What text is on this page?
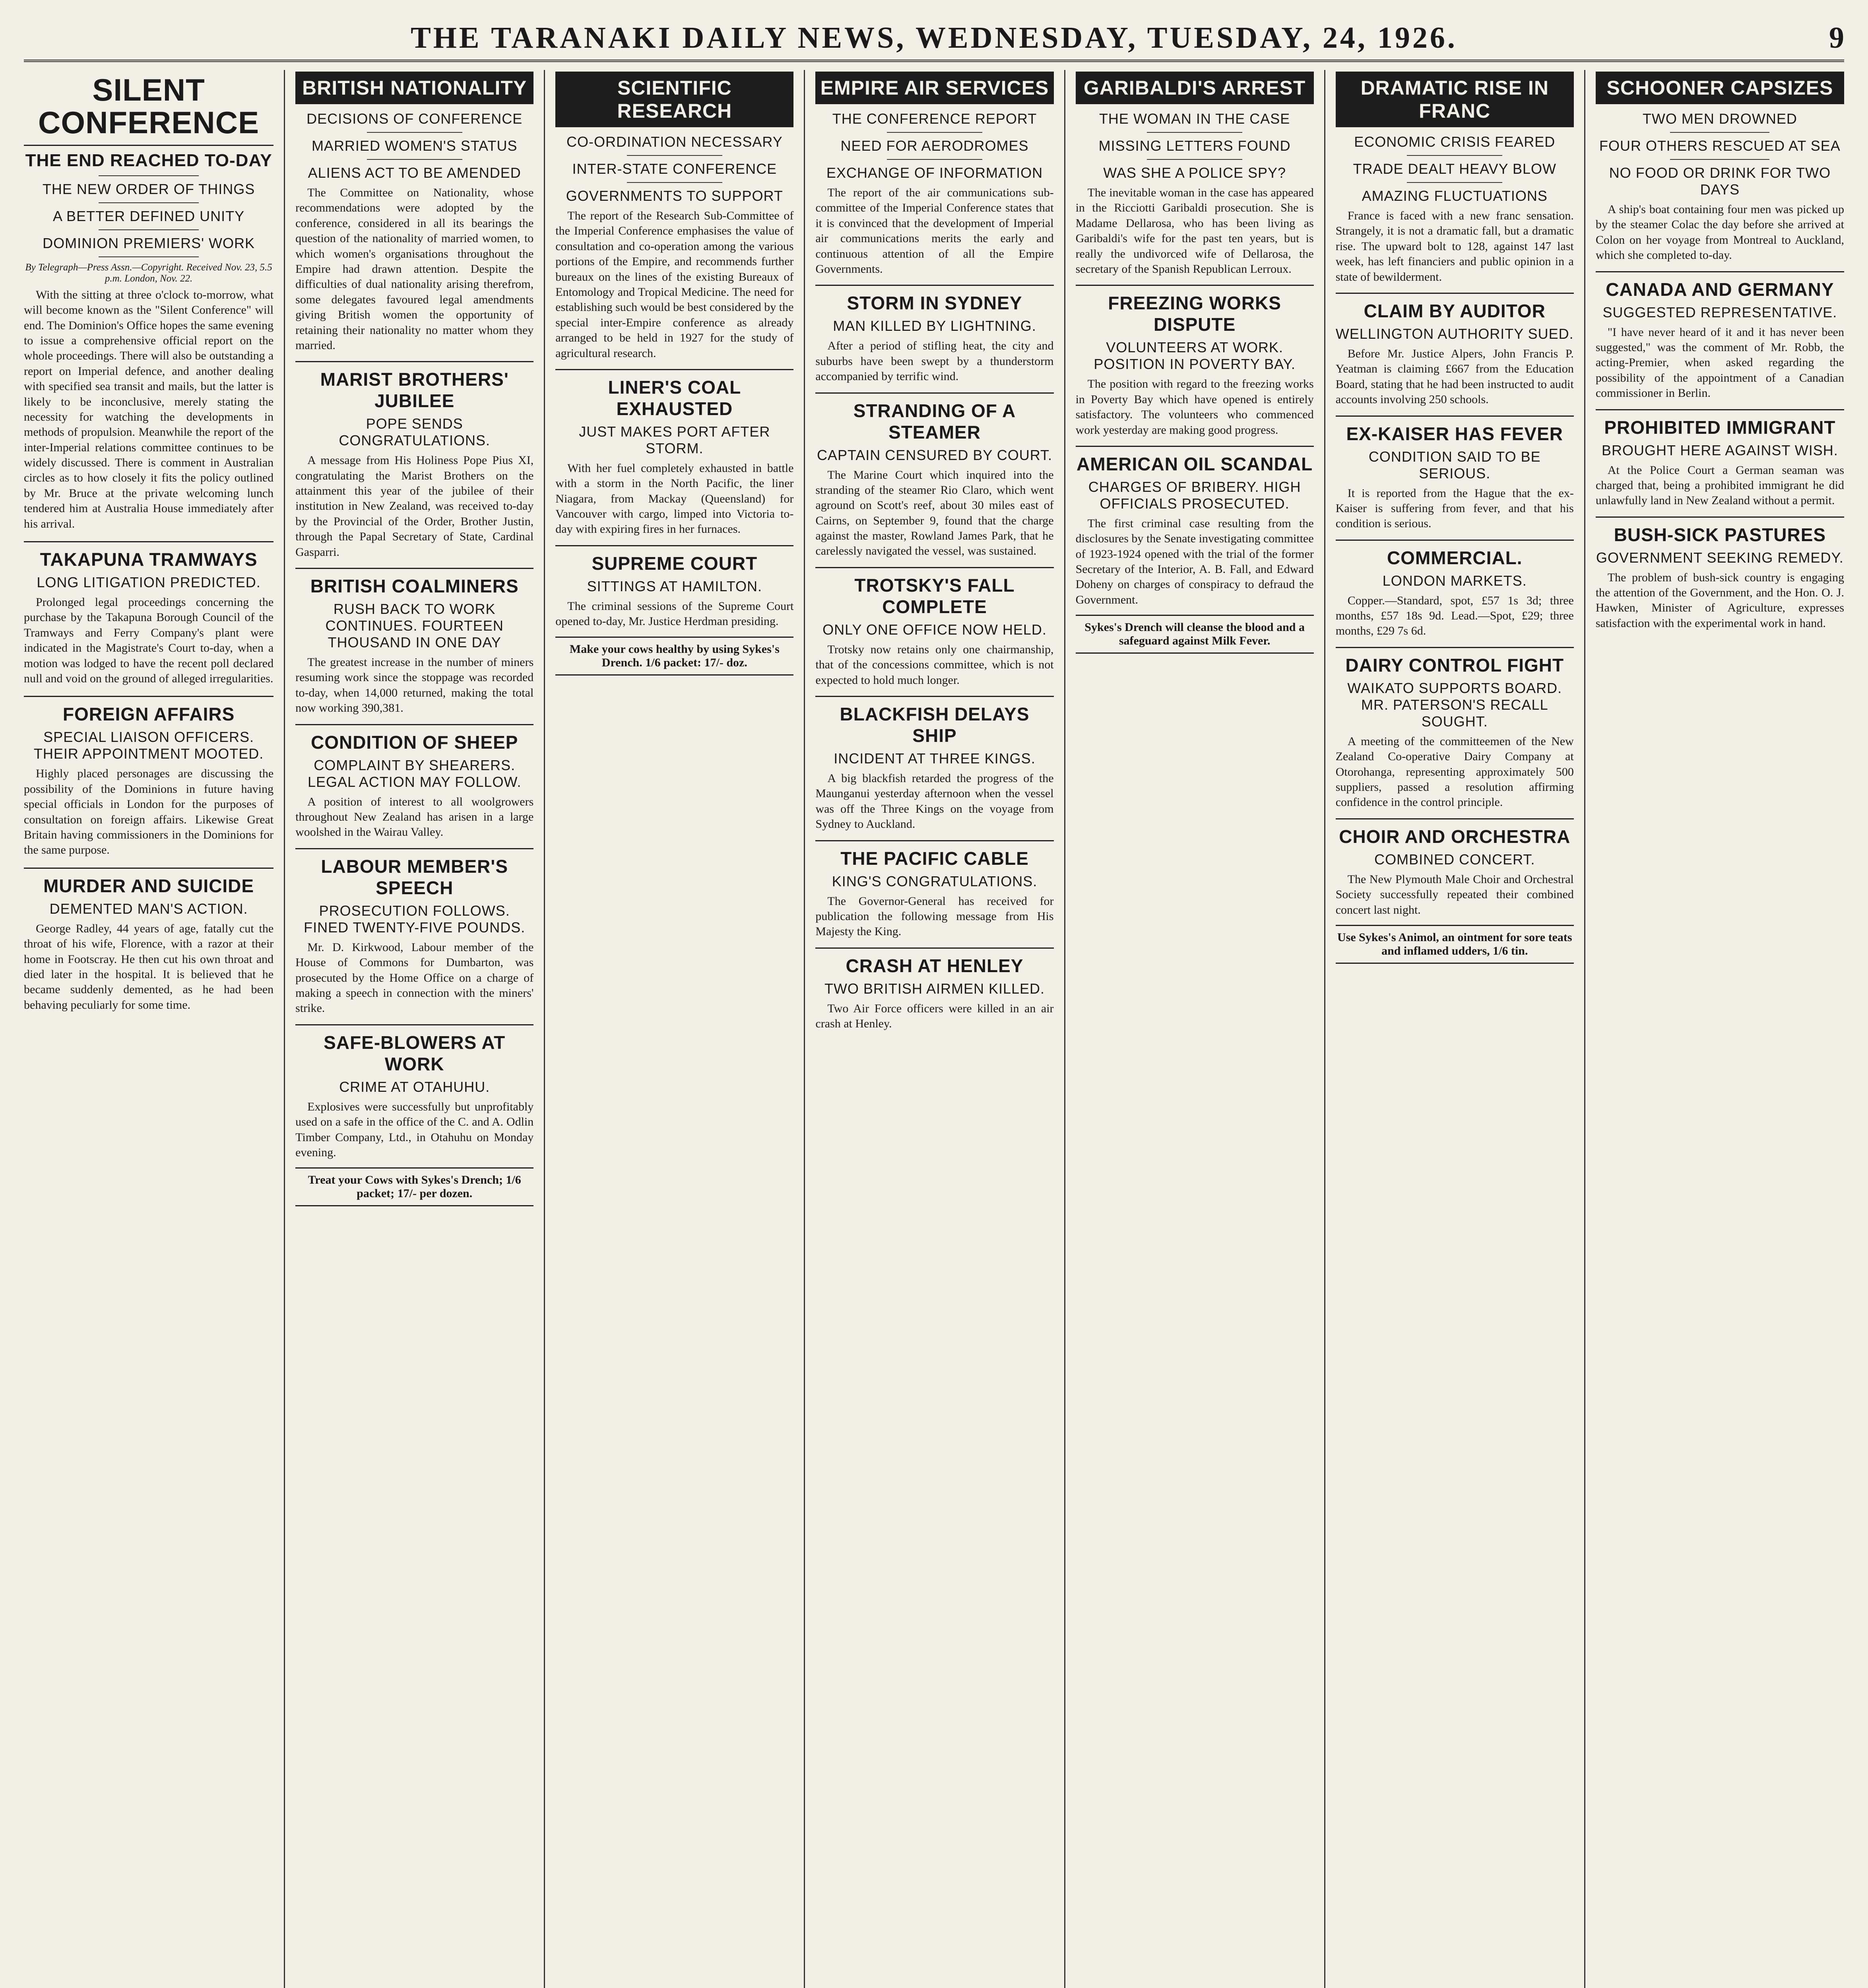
THE TARANAKI DAILY NEWS, WEDNESDAY, TUESDAY, 24, 1926.	9
SILENT CONFERENCE
THE END REACHED TO-DAY
THE NEW ORDER OF THINGS
A BETTER DEFINED UNITY
DOMINION PREMIERS' WORK
By Telegraph—Press Assn.—Copyright. Received Nov. 23, 5.5 p.m. London, Nov. 22.

With the sitting at three o'clock to-morrow, what will become known as the "Silent Conference" will end. The Dominion's Office hopes the same evening to issue a comprehensive official report on the whole proceedings. There will also be outstanding a report on Imperial defence, and another dealing with specified sea transit and mails, but the latter is likely to be inconclusive, merely stating the necessity for watching the developments in methods of propulsion. Meanwhile the report of the inter-Imperial relations committee continues to be widely discussed. There is comment in Australian circles as to how closely it fits the policy outlined by Mr. Bruce at the private welcoming lunch tendered him at Australia House immediately after his arrival.

TAKAPUNA TRAMWAYS
LONG LITIGATION PREDICTED.

Prolonged legal proceedings concerning the purchase by the Takapuna Borough Council of the Tramways and Ferry Company's plant were indicated in the Magistrate's Court to-day, when a motion was lodged to have the recent poll declared null and void on the ground of alleged irregularities.

FOREIGN AFFAIRS
SPECIAL LIAISON OFFICERS. THEIR APPOINTMENT MOOTED.

Highly placed personages are discussing the possibility of the Dominions in future having special officials in London for the purposes of consultation on foreign affairs. Likewise Great Britain having commissioners in the Dominions for the same purpose.

MURDER AND SUICIDE
DEMENTED MAN'S ACTION.

George Radley, 44 years of age, fatally cut the throat of his wife, Florence, with a razor at their home in Footscray. He then cut his own throat and died later in the hospital. It is believed that he became suddenly demented, as he had been behaving peculiarly for some time.

BRITISH NATIONALITY
DECISIONS OF CONFERENCE
MARRIED WOMEN'S STATUS
ALIENS ACT TO BE AMENDED

The Committee on Nationality, whose recommendations were adopted by the conference, considered in all its bearings the question of the nationality of married women, to which women's organisations throughout the Empire had drawn attention. Despite the difficulties of dual nationality arising therefrom, some delegates favoured legal amendments giving British women the opportunity of retaining their nationality no matter whom they married.

MARIST BROTHERS' JUBILEE
POPE SENDS CONGRATULATIONS.

A message from His Holiness Pope Pius XI, congratulating the Marist Brothers on the attainment this year of the jubilee of their institution in New Zealand, was received to-day by the Provincial of the Order, Brother Justin, through the Papal Secretary of State, Cardinal Gasparri.

BRITISH COALMINERS
RUSH BACK TO WORK CONTINUES. FOURTEEN THOUSAND IN ONE DAY

The greatest increase in the number of miners resuming work since the stoppage was recorded to-day, when 14,000 returned, making the total now working 390,381.

CONDITION OF SHEEP
COMPLAINT BY SHEARERS. LEGAL ACTION MAY FOLLOW.

A position of interest to all woolgrowers throughout New Zealand has arisen in a large woolshed in the Wairau Valley.

LABOUR MEMBER'S SPEECH
PROSECUTION FOLLOWS. FINED TWENTY-FIVE POUNDS.

Mr. D. Kirkwood, Labour member of the House of Commons for Dumbarton, was prosecuted by the Home Office on a charge of making a speech in connection with the miners' strike.

SAFE-BLOWERS AT WORK
CRIME AT OTAHUHU.

Explosives were successfully but unprofitably used on a safe in the office of the C. and A. Odlin Timber Company, Ltd., in Otahuhu on Monday evening.

Treat your Cows with Sykes's Drench; 1/6 packet; 17/- per dozen.
SCIENTIFIC RESEARCH
CO-ORDINATION NECESSARY
INTER-STATE CONFERENCE
GOVERNMENTS TO SUPPORT

The report of the Research Sub-Committee of the Imperial Conference emphasises the value of consultation and co-operation among the various portions of the Empire, and recommends further bureaux on the lines of the existing Bureaux of Entomology and Tropical Medicine. The need for establishing such would be best considered by the special inter-Empire conference as already arranged to be held in 1927 for the study of agricultural research.

LINER'S COAL EXHAUSTED
JUST MAKES PORT AFTER STORM.

With her fuel completely exhausted in battle with a storm in the North Pacific, the liner Niagara, from Mackay (Queensland) for Vancouver with cargo, limped into Victoria to-day with expiring fires in her furnaces.

SUPREME COURT
SITTINGS AT HAMILTON.

The criminal sessions of the Supreme Court opened to-day, Mr. Justice Herdman presiding.

Make your cows healthy by using Sykes's Drench. 1/6 packet: 17/- doz.
EMPIRE AIR SERVICES
THE CONFERENCE REPORT
NEED FOR AERODROMES
EXCHANGE OF INFORMATION

The report of the air communications sub-committee of the Imperial Conference states that it is convinced that the development of Imperial air communications merits the early and continuous attention of all the Empire Governments.

STORM IN SYDNEY
MAN KILLED BY LIGHTNING.

After a period of stifling heat, the city and suburbs have been swept by a thunderstorm accompanied by terrific wind.

STRANDING OF A STEAMER
CAPTAIN CENSURED BY COURT.

The Marine Court which inquired into the stranding of the steamer Rio Claro, which went aground on Scott's reef, about 30 miles east of Cairns, on September 9, found that the charge against the master, Rowland James Park, that he carelessly navigated the vessel, was sustained.

TROTSKY'S FALL COMPLETE
ONLY ONE OFFICE NOW HELD.

Trotsky now retains only one chairmanship, that of the concessions committee, which is not expected to hold much longer.

BLACKFISH DELAYS SHIP
INCIDENT AT THREE KINGS.

A big blackfish retarded the progress of the Maunganui yesterday afternoon when the vessel was off the Three Kings on the voyage from Sydney to Auckland.

THE PACIFIC CABLE
KING'S CONGRATULATIONS.

The Governor-General has received for publication the following message from His Majesty the King.

CRASH AT HENLEY
TWO BRITISH AIRMEN KILLED.

Two Air Force officers were killed in an air crash at Henley.

GARIBALDI'S ARREST
THE WOMAN IN THE CASE
MISSING LETTERS FOUND
WAS SHE A POLICE SPY?

The inevitable woman in the case has appeared in the Ricciotti Garibaldi prosecution. She is Madame Dellarosa, who has been living as Garibaldi's wife for the past ten years, but is really the undivorced wife of Dellarosa, the secretary of the Spanish Republican Lerroux.

FREEZING WORKS DISPUTE
VOLUNTEERS AT WORK. POSITION IN POVERTY BAY.

The position with regard to the freezing works in Poverty Bay which have opened is entirely satisfactory. The volunteers who commenced work yesterday are making good progress.

AMERICAN OIL SCANDAL
CHARGES OF BRIBERY. HIGH OFFICIALS PROSECUTED.

The first criminal case resulting from the disclosures by the Senate investigating committee of 1923-1924 opened with the trial of the former Secretary of the Interior, A. B. Fall, and Edward Doheny on charges of conspiracy to defraud the Government.

Sykes's Drench will cleanse the blood and a safeguard against Milk Fever.
DRAMATIC RISE IN FRANC
ECONOMIC CRISIS FEARED
TRADE DEALT HEAVY BLOW
AMAZING FLUCTUATIONS

France is faced with a new franc sensation. Strangely, it is not a dramatic fall, but a dramatic rise. The upward bolt to 128, against 147 last week, has left financiers and public opinion in a state of bewilderment.

CLAIM BY AUDITOR
WELLINGTON AUTHORITY SUED.

Before Mr. Justice Alpers, John Francis P. Yeatman is claiming £667 from the Education Board, stating that he had been instructed to audit accounts involving 250 schools.

EX-KAISER HAS FEVER
CONDITION SAID TO BE SERIOUS.

It is reported from the Hague that the ex-Kaiser is suffering from fever, and that his condition is serious.

COMMERCIAL.
LONDON MARKETS.

Copper.—Standard, spot, £57 1s 3d; three months, £57 18s 9d. Lead.—Spot, £29; three months, £29 7s 6d.

DAIRY CONTROL FIGHT
WAIKATO SUPPORTS BOARD. MR. PATERSON'S RECALL SOUGHT.

A meeting of the committeemen of the New Zealand Co-operative Dairy Company at Otorohanga, representing approximately 500 suppliers, passed a resolution affirming confidence in the control principle.

CHOIR AND ORCHESTRA
COMBINED CONCERT.

The New Plymouth Male Choir and Orchestral Society successfully repeated their combined concert last night.

Use Sykes's Animol, an ointment for sore teats and inflamed udders, 1/6 tin.
SCHOONER CAPSIZES
TWO MEN DROWNED
FOUR OTHERS RESCUED AT SEA
NO FOOD OR DRINK FOR TWO DAYS

A ship's boat containing four men was picked up by the steamer Colac the day before she arrived at Colon on her voyage from Montreal to Auckland, which she completed to-day.

CANADA AND GERMANY
SUGGESTED REPRESENTATIVE.

"I have never heard of it and it has never been suggested," was the comment of Mr. Robb, the acting-Premier, when asked regarding the possibility of the appointment of a Canadian commissioner in Berlin.

PROHIBITED IMMIGRANT
BROUGHT HERE AGAINST WISH.

At the Police Court a German seaman was charged that, being a prohibited immigrant he did unlawfully land in New Zealand without a permit.

BUSH-SICK PASTURES
GOVERNMENT SEEKING REMEDY.

The problem of bush-sick country is engaging the attention of the Government, and the Hon. O. J. Hawken, Minister of Agriculture, expresses satisfaction with the experimental work in hand.
